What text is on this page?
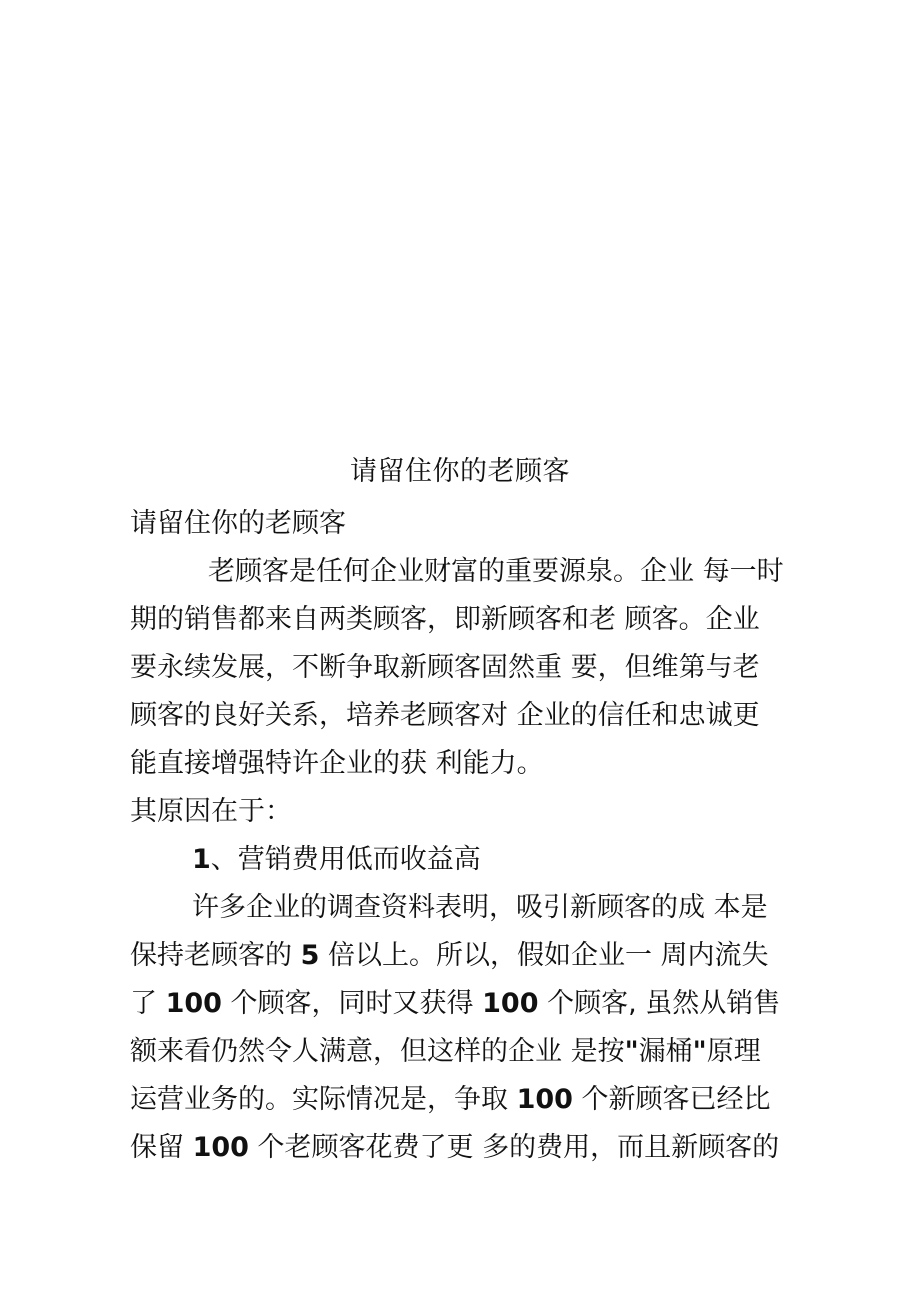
请留住你的老顾客
请留住你的老顾客
老顾客是任何企业财富的重要源泉。企业 每一时
期的销售都来自两类顾客，即新顾客和老 顾客。企业
要永续发展，不断争取新顾客固然重 要，但维第与老
顾客的良好关系，培养老顾客对 企业的信任和忠诚更
能直接增强特许企业的获 利能力。
其原因在于：
1、营销费用低而收益高
许多企业的调查资料表明，吸引新顾客的成 本是
保持老顾客的 5 倍以上。所以，假如企业一 周内流失
了 100 个顾客，同时又获得 100 个顾客, 虽然从销售
额来看仍然令人满意，但这样的企业 是按"漏桶"原理
运营业务的。实际情况是，争取 100 个新顾客已经比
保留 100 个老顾客花费了更 多的费用，而且新顾客的
